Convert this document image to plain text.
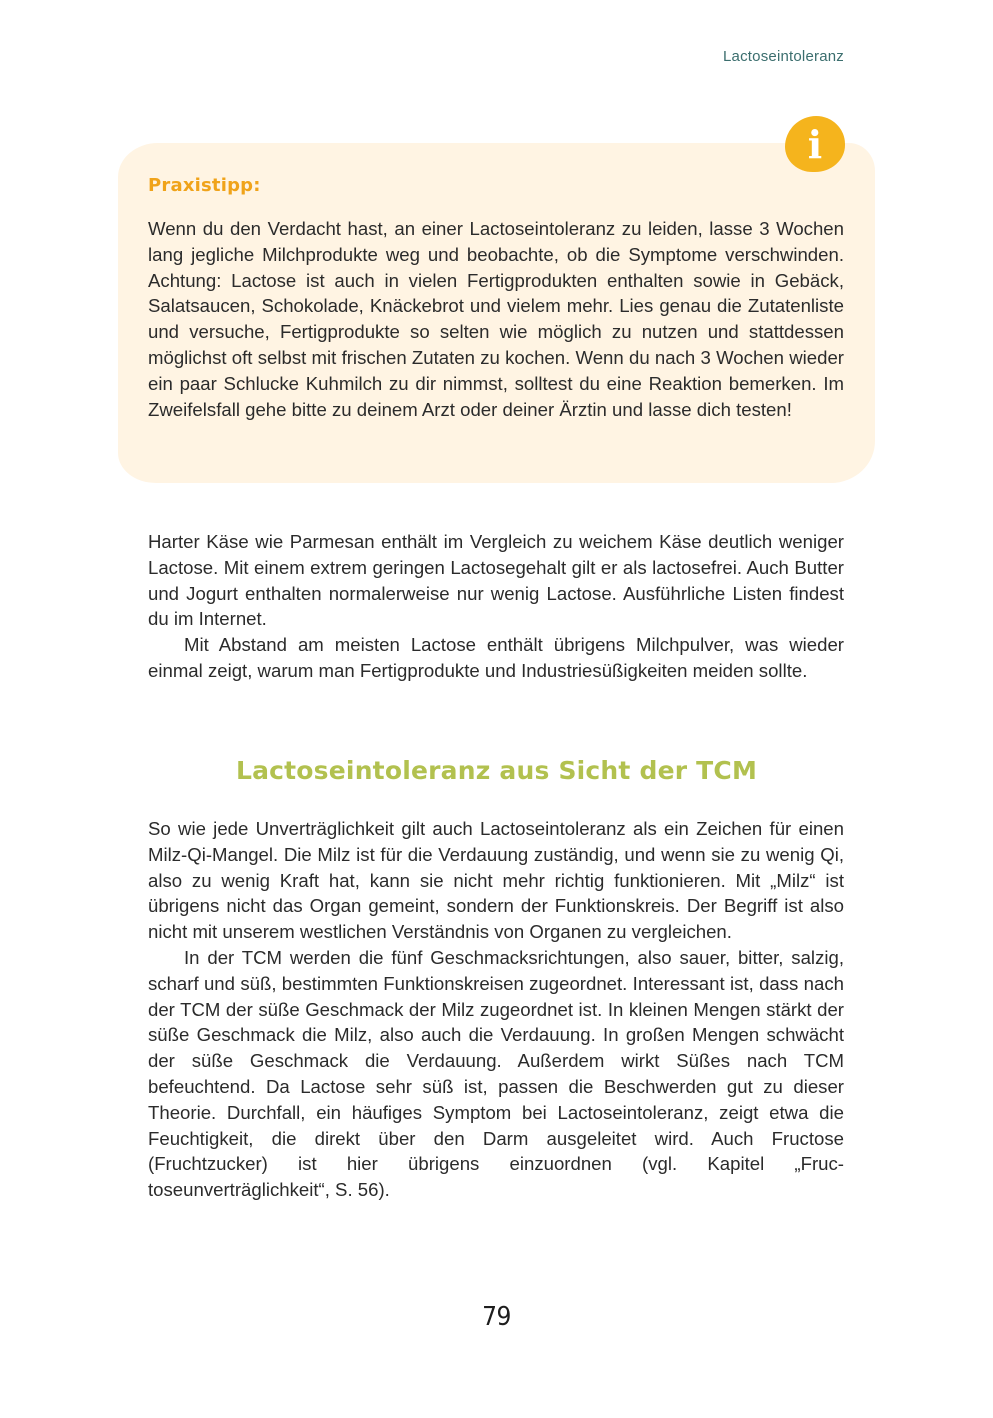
Lactoseintoleranz
i
Praxistipp:

Wenn du den Verdacht hast, an einer Lactoseintoleranz zu leiden, lasse 3 Wochen lang jegliche Milchprodukte weg und beobachte, ob die Symptome verschwinden. Achtung: Lactose ist auch in vielen Fertigprodukten enthalten sowie in Gebäck, Salatsaucen, Schokolade, Knäckebrot und vielem mehr. Lies genau die Zutatenliste und versuche, Fertigprodukte so selten wie möglich zu nutzen und stattdessen möglichst oft selbst mit frischen Zutaten zu kochen. Wenn du nach 3 Wochen wieder ein paar Schlucke Kuhmilch zu dir nimmst, solltest du eine Reaktion bemerken. Im Zweifelsfall gehe bitte zu deinem Arzt oder deiner Ärztin und lasse dich testen!

Harter Käse wie Parmesan enthält im Vergleich zu weichem Käse deutlich weniger Lactose. Mit einem extrem geringen Lactosegehalt gilt er als lactosefrei. Auch Butter und Jogurt enthalten normalerweise nur wenig Lactose. Ausführliche Listen findest du im Internet.

Mit Abstand am meisten Lactose enthält übrigens Milchpulver, was wieder einmal zeigt, warum man Fertigprodukte und Industriesüßigkeiten meiden sollte.

Lactoseintoleranz aus Sicht der TCM

So wie jede Unverträglichkeit gilt auch Lactoseintoleranz als ein Zeichen für einen Milz-Qi-Mangel. Die Milz ist für die Verdauung zuständig, und wenn sie zu wenig Qi, also zu wenig Kraft hat, kann sie nicht mehr richtig funktionieren. Mit „Milz“ ist übrigens nicht das Organ gemeint, sondern der Funktionskreis. Der Begriff ist also nicht mit unserem westlichen Verständnis von Organen zu vergleichen.

In der TCM werden die fünf Geschmacksrichtungen, also sauer, bitter, salzig, scharf und süß, bestimmten Funktionskreisen zugeordnet. Interessant ist, dass nach der TCM der süße Geschmack der Milz zugeordnet ist. In kleinen Mengen stärkt der süße Geschmack die Milz, also auch die Verdauung. In großen Mengen schwächt der süße Geschmack die Verdauung. Außerdem wirkt Süßes nach TCM befeuchtend. Da Lactose sehr süß ist, passen die Beschwerden gut zu dieser Theorie. Durchfall, ein häufiges Symptom bei Lactoseintoleranz, zeigt etwa die Feuchtigkeit, die direkt über den Darm ausgeleitet wird. Auch Fructose (Fruchtzucker) ist hier übrigens einzuordnen (vgl. Kapitel „Fructoseunverträglichkeit“, S. 56).

79
